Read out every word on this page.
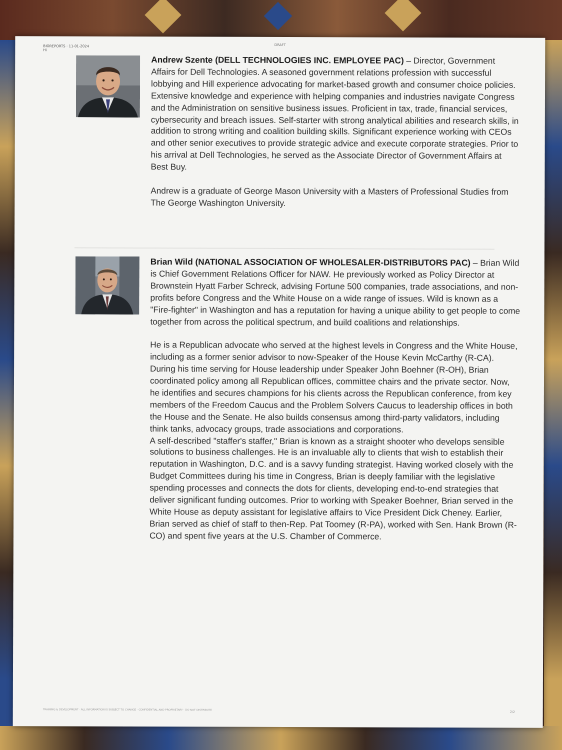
BIOREPORTS · 11-01-2024
Hi
DRAFT

Andrew Szente (DELL TECHNOLOGIES INC. EMPLOYEE PAC) – Director, Government Affairs for Dell Technologies. A seasoned government relations profession with successful lobbying and Hill experience advocating for market-based growth and consumer choice policies. Extensive knowledge and experience with helping companies and industries navigate Congress and the Administration on sensitive business issues. Proficient in tax, trade, financial services, cybersecurity and breach issues. Self-starter with strong analytical abilities and research skills, in addition to strong writing and coalition building skills. Significant experience working with CEOs and other senior executives to provide strategic advice and execute corporate strategies. Prior to his arrival at Dell Technologies, he served as the Associate Director of Government Affairs at Best Buy.

Andrew is a graduate of George Mason University with a Masters of Professional Studies from The George Washington University.

Brian Wild (NATIONAL ASSOCIATION OF WHOLESALER-DISTRIBUTORS PAC) – Brian Wild is Chief Government Relations Officer for NAW. He previously worked as Policy Director at Brownstein Hyatt Farber Schreck, advising Fortune 500 companies, trade associations, and non-profits before Congress and the White House on a wide range of issues. Wild is known as a "Fire-fighter" in Washington and has a reputation for having a unique ability to get people to come together from across the political spectrum, and build coalitions and relationships.

He is a Republican advocate who served at the highest levels in Congress and the White House, including as a former senior advisor to now-Speaker of the House Kevin McCarthy (R-CA). During his time serving for House leadership under Speaker John Boehner (R-OH), Brian coordinated policy among all Republican offices, committee chairs and the private sector. Now, he identifies and secures champions for his clients across the Republican conference, from key members of the Freedom Caucus and the Problem Solvers Caucus to leadership offices in both the House and the Senate. He also builds consensus among third-party validators, including think tanks, advocacy groups, trade associations and corporations.

A self-described "staffer's staffer," Brian is known as a straight shooter who develops sensible solutions to business challenges. He is an invaluable ally to clients that wish to establish their reputation in Washington, D.C. and is a savvy funding strategist. Having worked closely with the Budget Committees during his time in Congress, Brian is deeply familiar with the legislative spending processes and connects the dots for clients, developing end-to-end strategies that deliver significant funding outcomes. Prior to working with Speaker Boehner, Brian served in the White House as deputy assistant for legislative affairs to Vice President Dick Cheney. Earlier, Brian served as chief of staff to then-Rep. Pat Toomey (R-PA), worked with Sen. Hank Brown (R-CO) and spent five years at the U.S. Chamber of Commerce.

TRAINING & DEVELOPMENT · ALL INFORMATION IS SUBJECT TO CHANGE · CONFIDENTIAL AND PROPRIETARY · DO NOT DISTRIBUTE	2/2
